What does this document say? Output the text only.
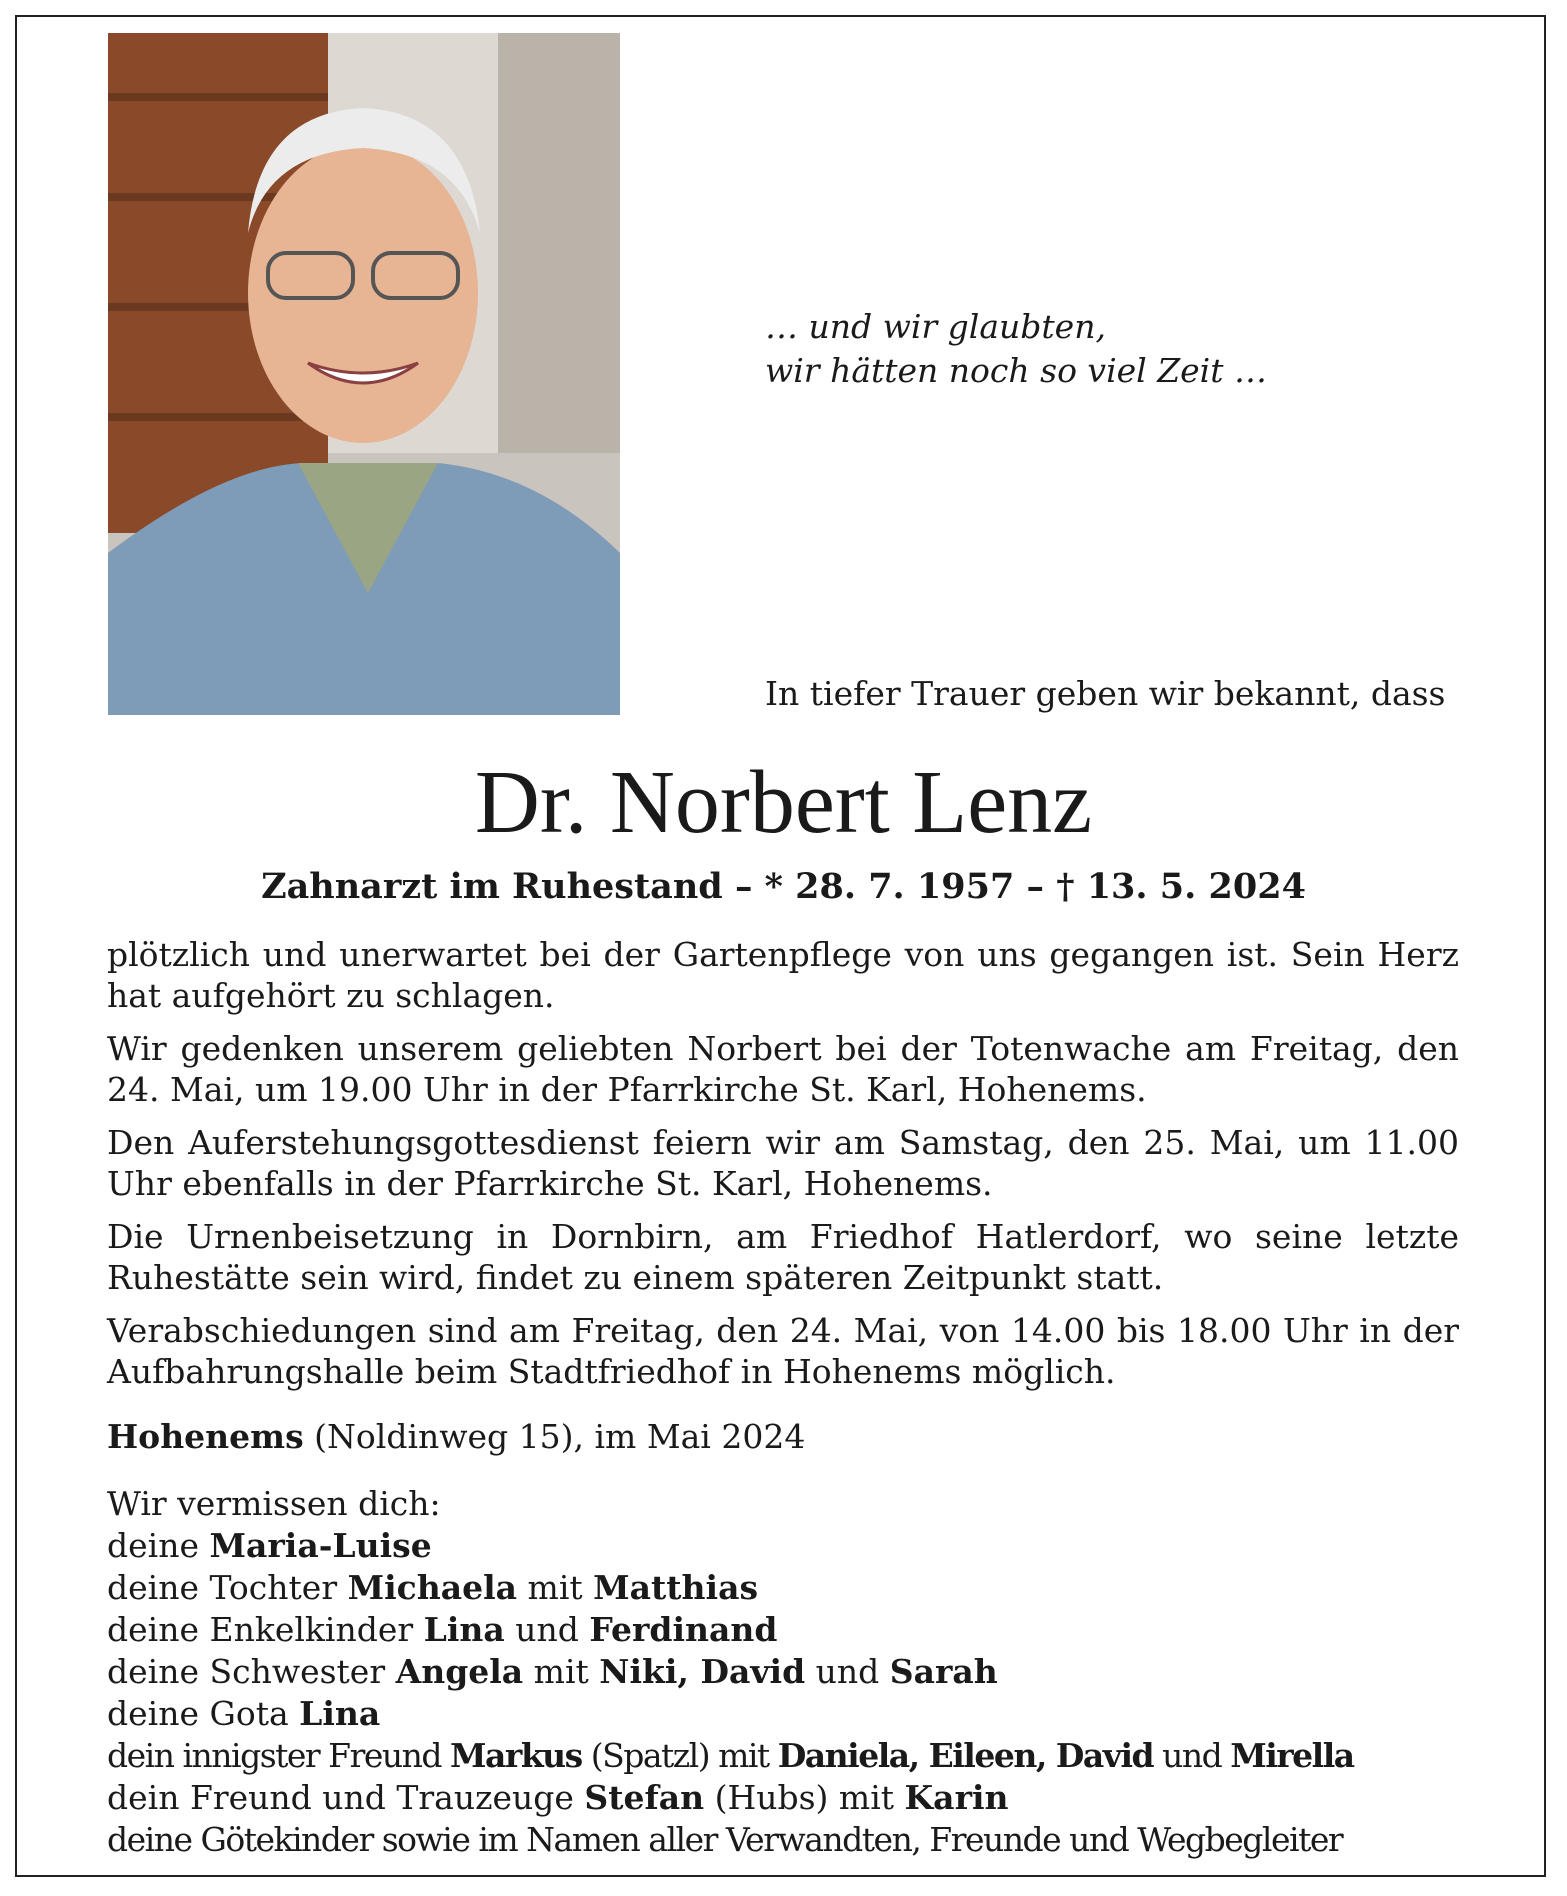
… und wir glaubten,
wir hätten noch so viel Zeit …
In tiefer Trauer geben wir bekannt, dass
Dr. Norbert Lenz
Zahnarzt im Ruhestand – * 28. 7. 1957 – † 13. 5. 2024

plötzlich und unerwartet bei der Gartenpflege von uns gegangen ist. Sein Herz hat aufgehört zu schlagen.

Wir gedenken unserem geliebten Norbert bei der Totenwache am Freitag, den 24. Mai, um 19.00 Uhr in der Pfarrkirche St. Karl, Hohenems.

Den Auferstehungsgottesdienst feiern wir am Samstag, den 25. Mai, um 11.00 Uhr ebenfalls in der Pfarrkirche St. Karl, Hohenems.

Die Urnenbeisetzung in Dornbirn, am Friedhof Hatlerdorf, wo seine letzte Ruhestätte sein wird, findet zu einem späteren Zeitpunkt statt.

Verabschiedungen sind am Freitag, den 24. Mai, von 14.00 bis 18.00 Uhr in der Aufbahrungshalle beim Stadtfriedhof in Hohenems möglich.

Hohenems (Noldinweg 15), im Mai 2024

Wir vermissen dich:
deine Maria-Luise
deine Tochter Michaela mit Matthias
deine Enkelkinder Lina und Ferdinand
deine Schwester Angela mit Niki, David und Sarah
deine Gota Lina
dein innigster Freund Markus (Spatzl) mit Daniela, Eileen, David und Mirella
dein Freund und Trauzeuge Stefan (Hubs) mit Karin
deine Götekinder sowie im Namen aller Verwandten, Freunde und Wegbegleiter
